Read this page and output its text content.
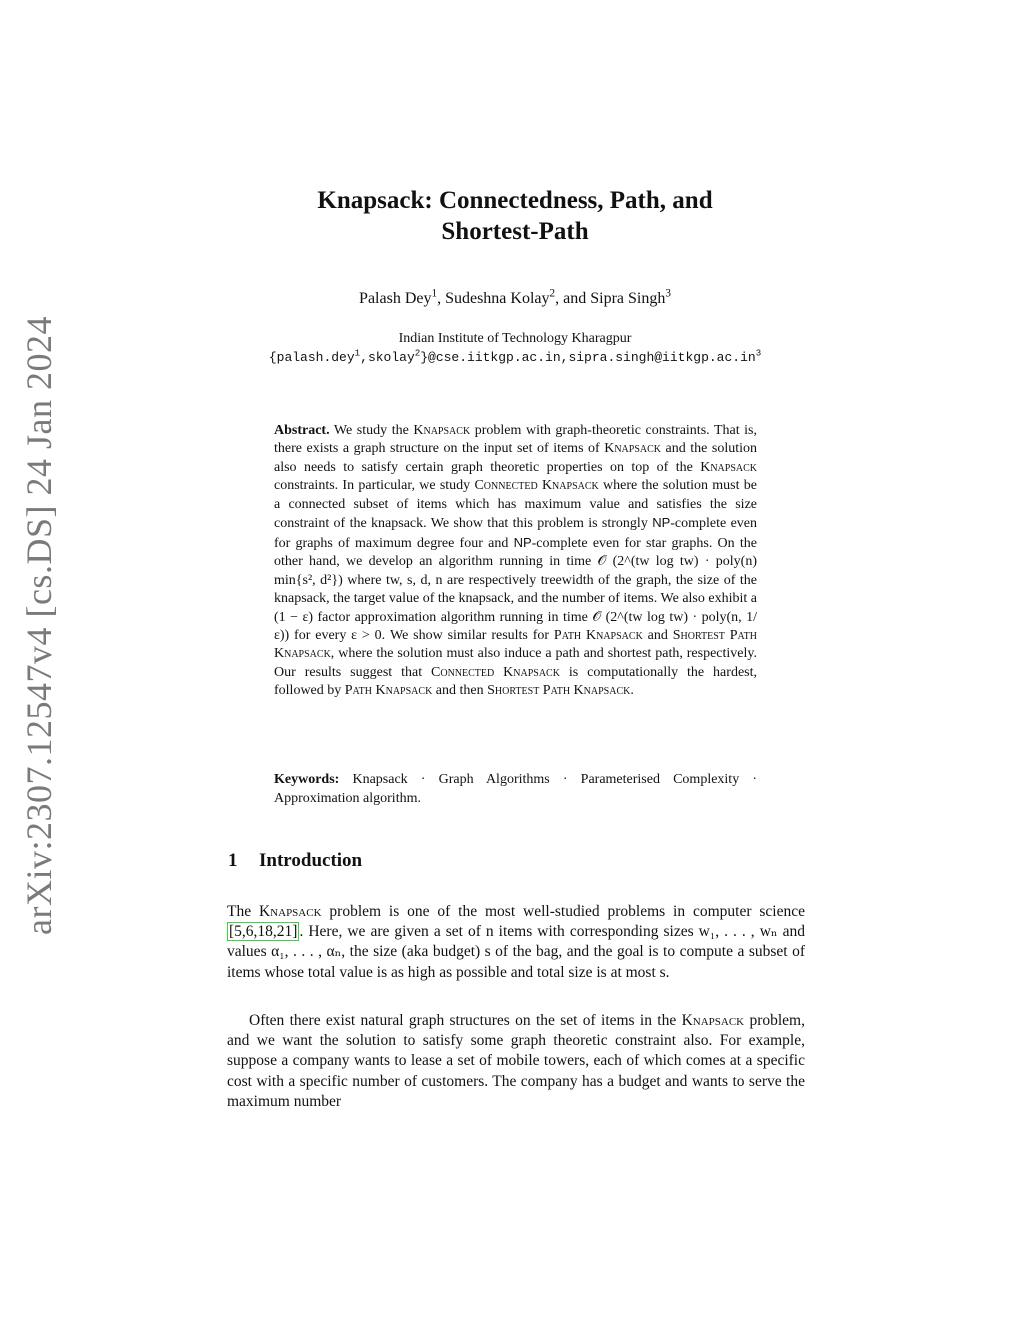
arXiv:2307.12547v4 [cs.DS] 24 Jan 2024
Knapsack: Connectedness, Path, and
Shortest-Path
Palash Dey$^1$, Sudeshna Kolay$^2$, and Sipra Singh$^3$
Indian Institute of Technology Kharagpur
$\{palash.dey^1,skolay^2\}@cse.iitkgp.ac.in,sipra.singh@iitkgp.ac.in^3$
Abstract. We study the Knapsack problem with graph-theoretic constraints. That is, there exists a graph structure on the input set of items of Knapsack and the solution also needs to satisfy certain graph theoretic properties on top of the Knapsack constraints. In particular, we study Connected Knapsack where the solution must be a connected subset of items which has maximum value and satisfies the size constraint of the knapsack. We show that this problem is strongly NP-complete even for graphs of maximum degree four and NP-complete even for star graphs. On the other hand, we develop an algorithm running in time 𝒪 (2^(tw log tw) · poly(n) min{s², d²}) where tw, s, d, n are respectively treewidth of the graph, the size of the knapsack, the target value of the knapsack, and the number of items. We also exhibit a (1 − ε) factor approximation algorithm running in time 𝒪 (2^(tw log tw) · poly(n, 1/ε)) for every ε > 0. We show similar results for Path Knapsack and Shortest Path Knapsack, where the solution must also induce a path and shortest path, respectively. Our results suggest that Connected Knapsack is computationally the hardest, followed by Path Knapsack and then Shortest Path Knapsack.
Keywords: Knapsack · Graph Algorithms · Parameterised Complexity · Approximation algorithm.
1 Introduction
The Knapsack problem is one of the most well-studied problems in computer science [5,6,18,21] . Here, we are given a set of n items with corresponding sizes w₁, . . . , wₙ and values α₁, . . . , αₙ, the size (aka budget) s of the bag, and the goal is to compute a subset of items whose total value is as high as possible and total size is at most s.
Often there exist natural graph structures on the set of items in the Knapsack problem, and we want the solution to satisfy some graph theoretic constraint also. For example, suppose a company wants to lease a set of mobile towers, each of which comes at a specific cost with a specific number of customers. The company has a budget and wants to serve the maximum number
